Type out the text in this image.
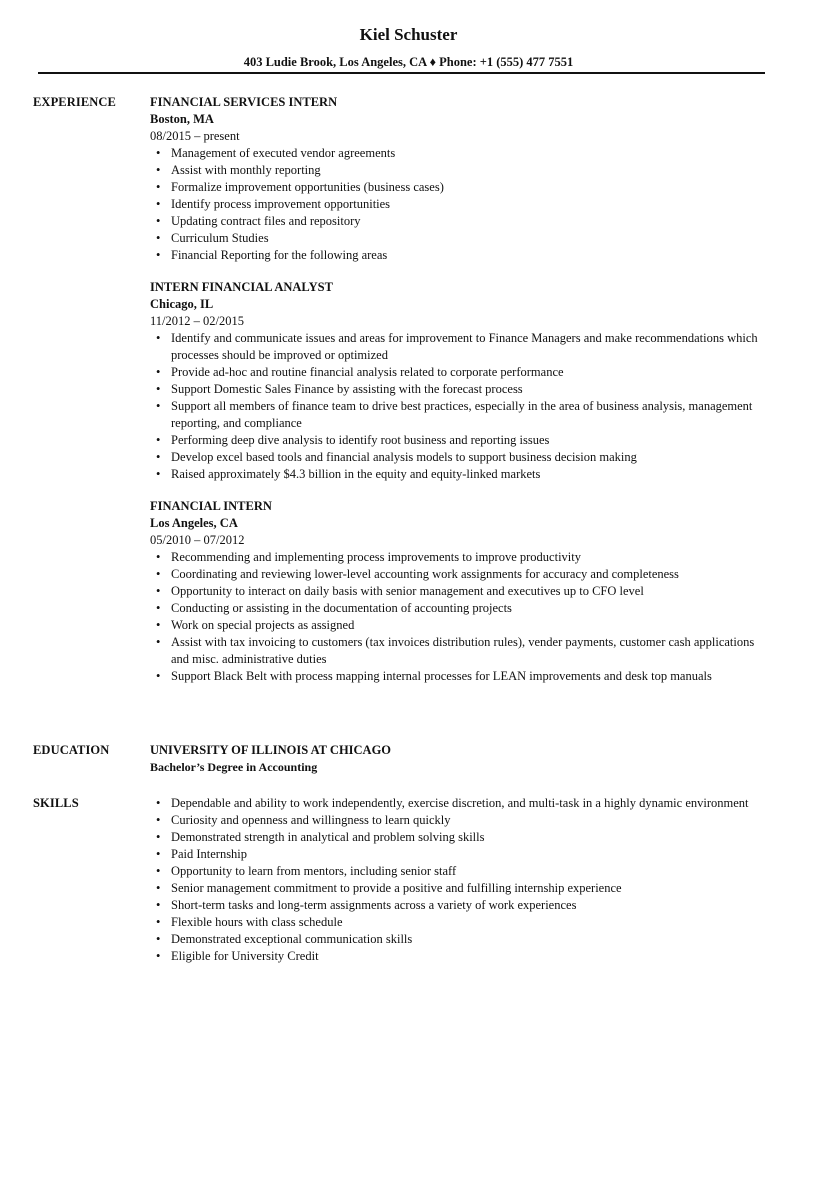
Kiel Schuster
403 Ludie Brook, Los Angeles, CA ♦ Phone: +1 (555) 477 7551
EXPERIENCE	FINANCIAL SERVICES INTERN
Boston, MA
08/2015 – present
• Management of executed vendor agreements
• Assist with monthly reporting
• Formalize improvement opportunities (business cases)
• Identify process improvement opportunities
• Updating contract files and repository
• Curriculum Studies
• Financial Reporting for the following areas
INTERN FINANCIAL ANALYST
Chicago, IL
11/2012 – 02/2015
• Identify and communicate issues and areas for improvement to Finance Managers and make recommendations which processes should be improved or optimized
• Provide ad-hoc and routine financial analysis related to corporate performance
• Support Domestic Sales Finance by assisting with the forecast process
• Support all members of finance team to drive best practices, especially in the area of business analysis, management reporting, and compliance
• Performing deep dive analysis to identify root business and reporting issues
• Develop excel based tools and financial analysis models to support business decision making
• Raised approximately $4.3 billion in the equity and equity-linked markets
FINANCIAL INTERN
Los Angeles, CA
05/2010 – 07/2012
• Recommending and implementing process improvements to improve productivity
• Coordinating and reviewing lower-level accounting work assignments for accuracy and completeness
• Opportunity to interact on daily basis with senior management and executives up to CFO level
• Conducting or assisting in the documentation of accounting projects
• Work on special projects as assigned
• Assist with tax invoicing to customers (tax invoices distribution rules), vender payments, customer cash applications and misc. administrative duties
• Support Black Belt with process mapping internal processes for LEAN improvements and desk top manuals
EDUCATION	UNIVERSITY OF ILLINOIS AT CHICAGO
Bachelor’s Degree in Accounting
SKILLS	• Dependable and ability to work independently, exercise discretion, and multi-task in a highly dynamic environment
• Curiosity and openness and willingness to learn quickly
• Demonstrated strength in analytical and problem solving skills
• Paid Internship
• Opportunity to learn from mentors, including senior staff
• Senior management commitment to provide a positive and fulfilling internship experience
• Short-term tasks and long-term assignments across a variety of work experiences
• Flexible hours with class schedule
• Demonstrated exceptional communication skills
• Eligible for University Credit
